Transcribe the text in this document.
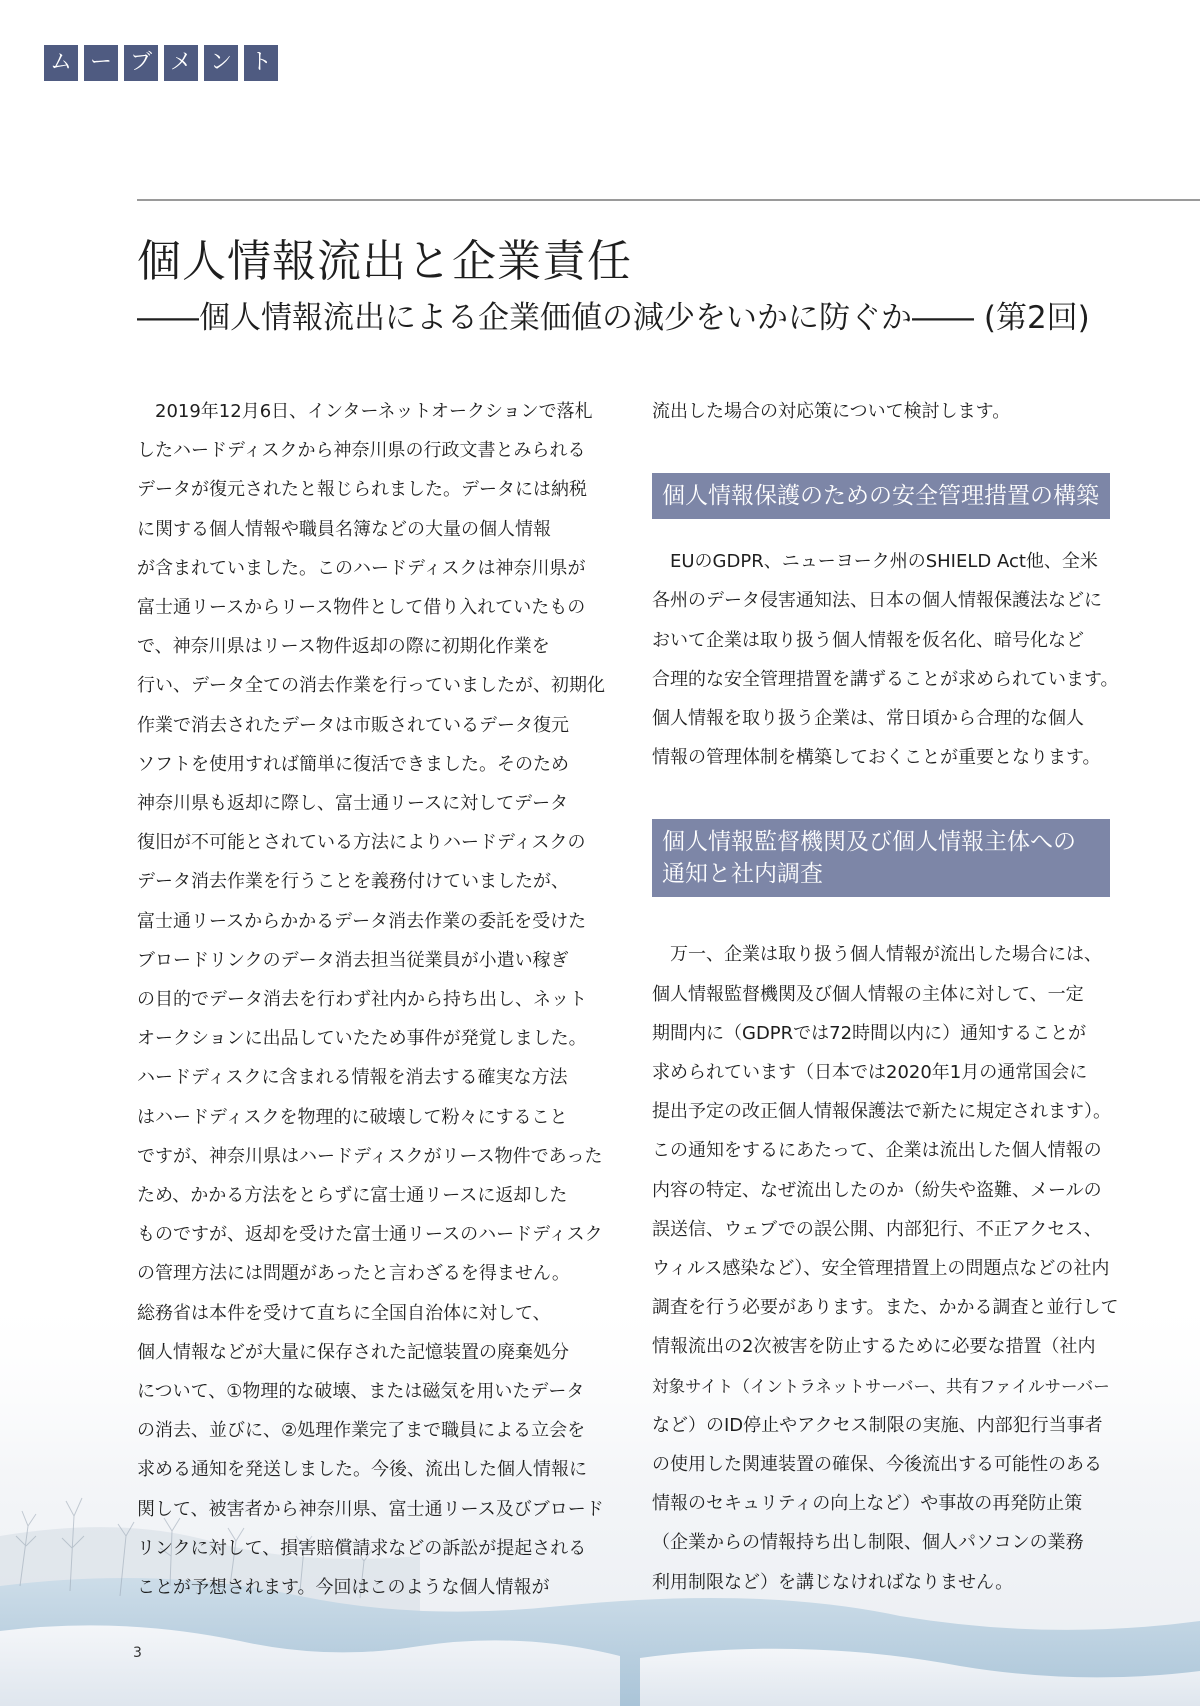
ム ー ブ メ ン ト
個人情報流出と企業責任
――個人情報流出による企業価値の減少をいかに防ぐか―― (第2回)
　2019年12月6日、インターネットオークションで落札
したハードディスクから神奈川県の行政文書とみられる
データが復元されたと報じられました。データには納税
に関する個人情報や職員名簿などの大量の個人情報
が含まれていました。このハードディスクは神奈川県が
富士通リースからリース物件として借り入れていたもの
で、神奈川県はリース物件返却の際に初期化作業を
行い、データ全ての消去作業を行っていましたが、初期化
作業で消去されたデータは市販されているデータ復元
ソフトを使用すれば簡単に復活できました。そのため
神奈川県も返却に際し、富士通リースに対してデータ
復旧が不可能とされている方法によりハードディスクの
データ消去作業を行うことを義務付けていましたが、
富士通リースからかかるデータ消去作業の委託を受けた
ブロードリンクのデータ消去担当従業員が小遣い稼ぎ
の目的でデータ消去を行わず社内から持ち出し、ネット
オークションに出品していたため事件が発覚しました。
ハードディスクに含まれる情報を消去する確実な方法
はハードディスクを物理的に破壊して粉々にすること
ですが、神奈川県はハードディスクがリース物件であった
ため、かかる方法をとらずに富士通リースに返却した
ものですが、返却を受けた富士通リースのハードディスク
の管理方法には問題があったと言わざるを得ません。
総務省は本件を受けて直ちに全国自治体に対して、
個人情報などが大量に保存された記憶装置の廃棄処分
について、①物理的な破壊、または磁気を用いたデータ
の消去、並びに、②処理作業完了まで職員による立会を
求める通知を発送しました。今後、流出した個人情報に
関して、被害者から神奈川県、富士通リース及びブロード
リンクに対して、損害賠償請求などの訴訟が提起される
ことが予想されます。今回はこのような個人情報が
流出した場合の対応策について検討します。
個人情報保護のための安全管理措置の構築
　EUのGDPR、ニューヨーク州のSHIELD Act他、全米
各州のデータ侵害通知法、日本の個人情報保護法などに
おいて企業は取り扱う個人情報を仮名化、暗号化など
合理的な安全管理措置を講ずることが求められています。
個人情報を取り扱う企業は、常日頃から合理的な個人
情報の管理体制を構築しておくことが重要となります。
個人情報監督機関及び個人情報主体への
通知と社内調査
　万一、企業は取り扱う個人情報が流出した場合には、
個人情報監督機関及び個人情報の主体に対して、一定
期間内に（GDPRでは72時間以内に）通知することが
求められています（日本では2020年1月の通常国会に
提出予定の改正個人情報保護法で新たに規定されます）。
この通知をするにあたって、企業は流出した個人情報の
内容の特定、なぜ流出したのか（紛失や盗難、メールの
誤送信、ウェブでの誤公開、内部犯行、不正アクセス、
ウィルス感染など）、安全管理措置上の問題点などの社内
調査を行う必要があります。また、かかる調査と並行して
情報流出の2次被害を防止するために必要な措置（社内
対象サイト（イントラネットサーバー、共有ファイルサーバー
など）のID停止やアクセス制限の実施、内部犯行当事者
の使用した関連装置の確保、今後流出する可能性のある
情報のセキュリティの向上など）や事故の再発防止策
（企業からの情報持ち出し制限、個人パソコンの業務
利用制限など）を講じなければなりません。
3
